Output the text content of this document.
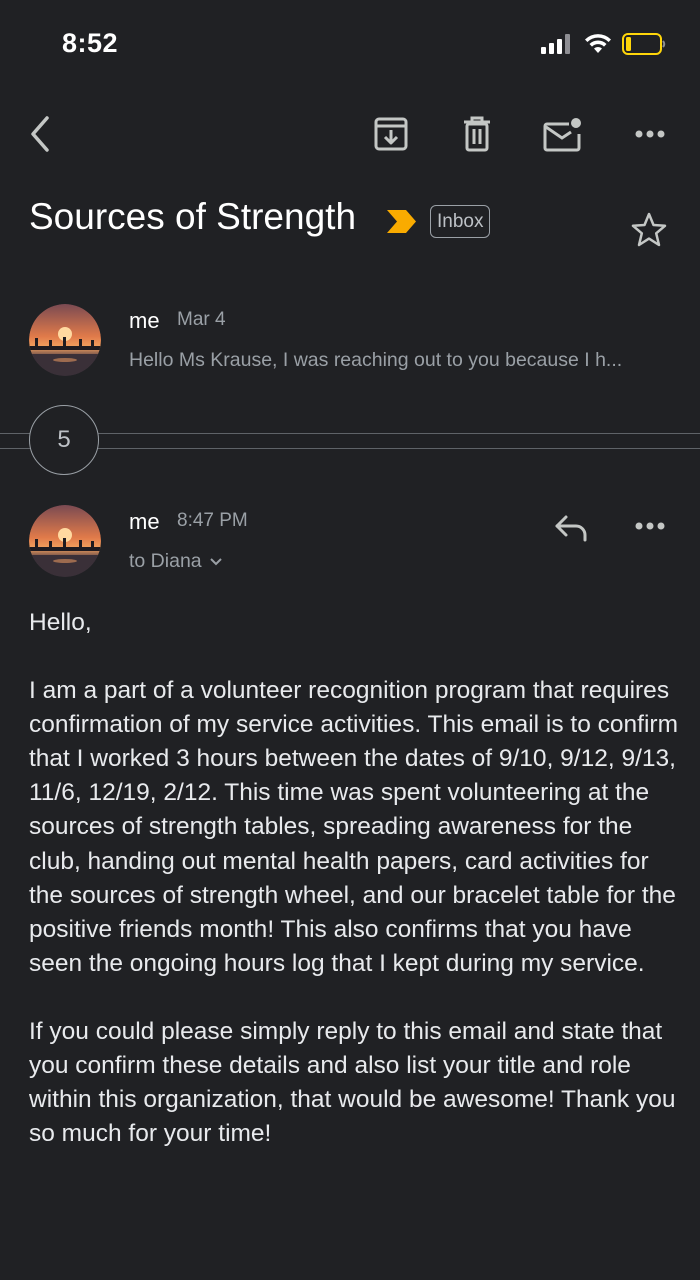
8:52
Sources of Strength	Inbox
me Mar 4
Hello Ms Krause, I was reaching out to you because I h...
5
me 8:47 PM
to Diana

Hello,

I am a part of a volunteer recognition program that requires confirmation of my service activities. This email is to confirm that I worked 3 hours between the dates of 9/10, 9/12, 9/13, 11/6, 12/19, 2/12. This time was spent volunteering at the sources of strength tables, spreading awareness for the club, handing out mental health papers, card activities for the sources of strength wheel, and our bracelet table for the positive friends month! This also confirms that you have seen the ongoing hours log that I kept during my service.

If you could please simply reply to this email and state that you confirm these details and also list your title and role within this organization, that would be awesome! Thank you so much for your time!
